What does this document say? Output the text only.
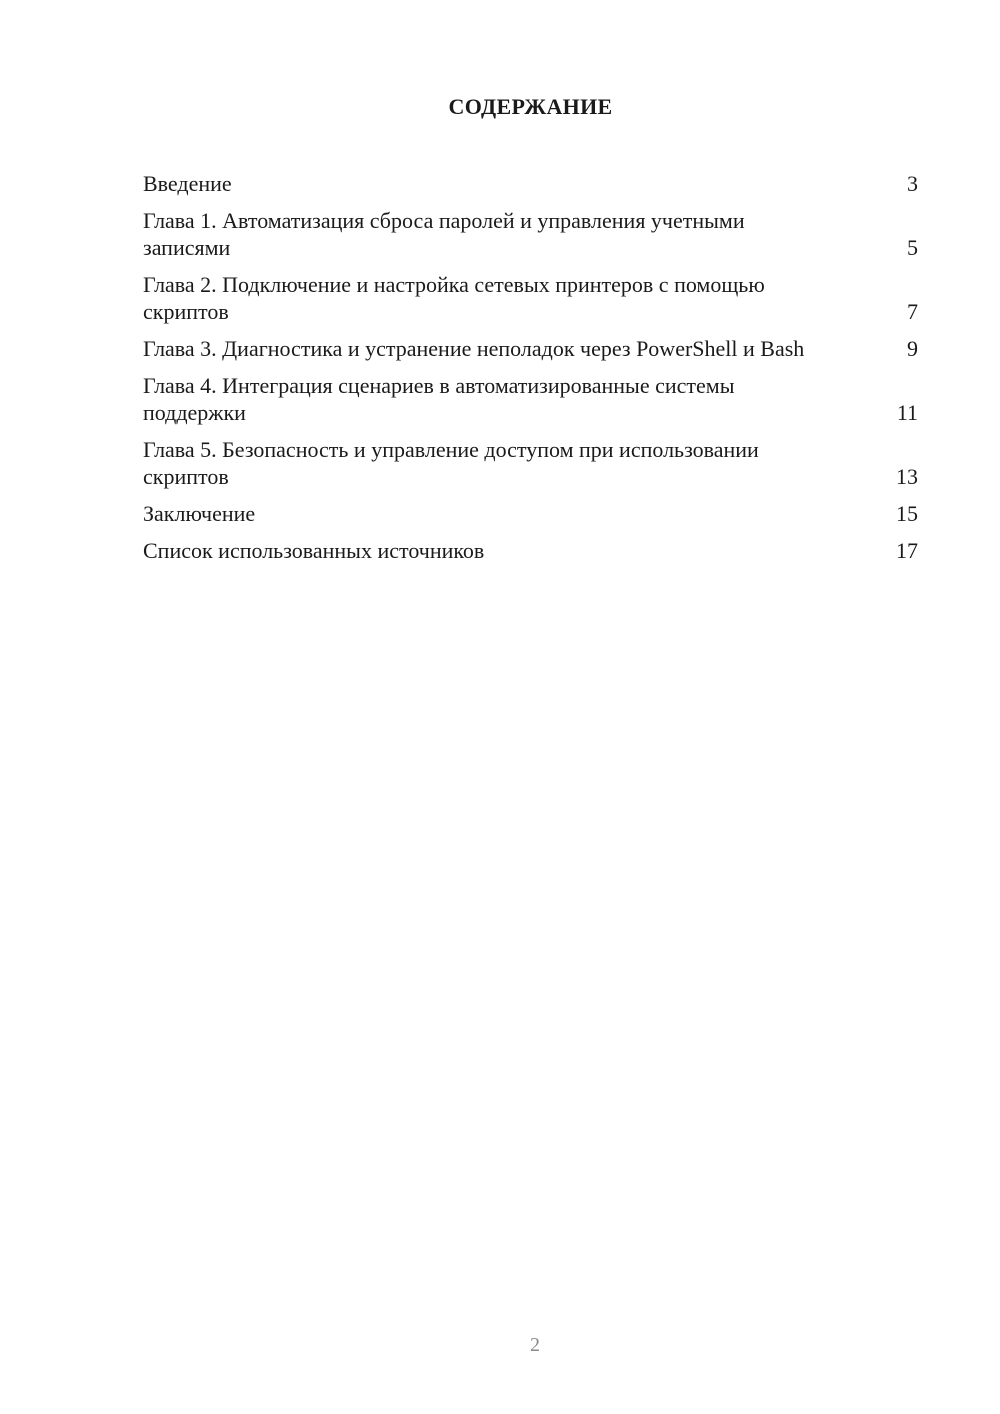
СОДЕРЖАНИЕ
Введение	3
Глава 1. Автоматизация сброса паролей и управления учетными записями	5
Глава 2. Подключение и настройка сетевых принтеров с помощью скриптов	7
Глава 3. Диагностика и устранение неполадок через PowerShell и Bash	9
Глава 4. Интеграция сценариев в автоматизированные системы поддержки	11
Глава 5. Безопасность и управление доступом при использовании скриптов	13
Заключение	15
Список использованных источников	17
2
